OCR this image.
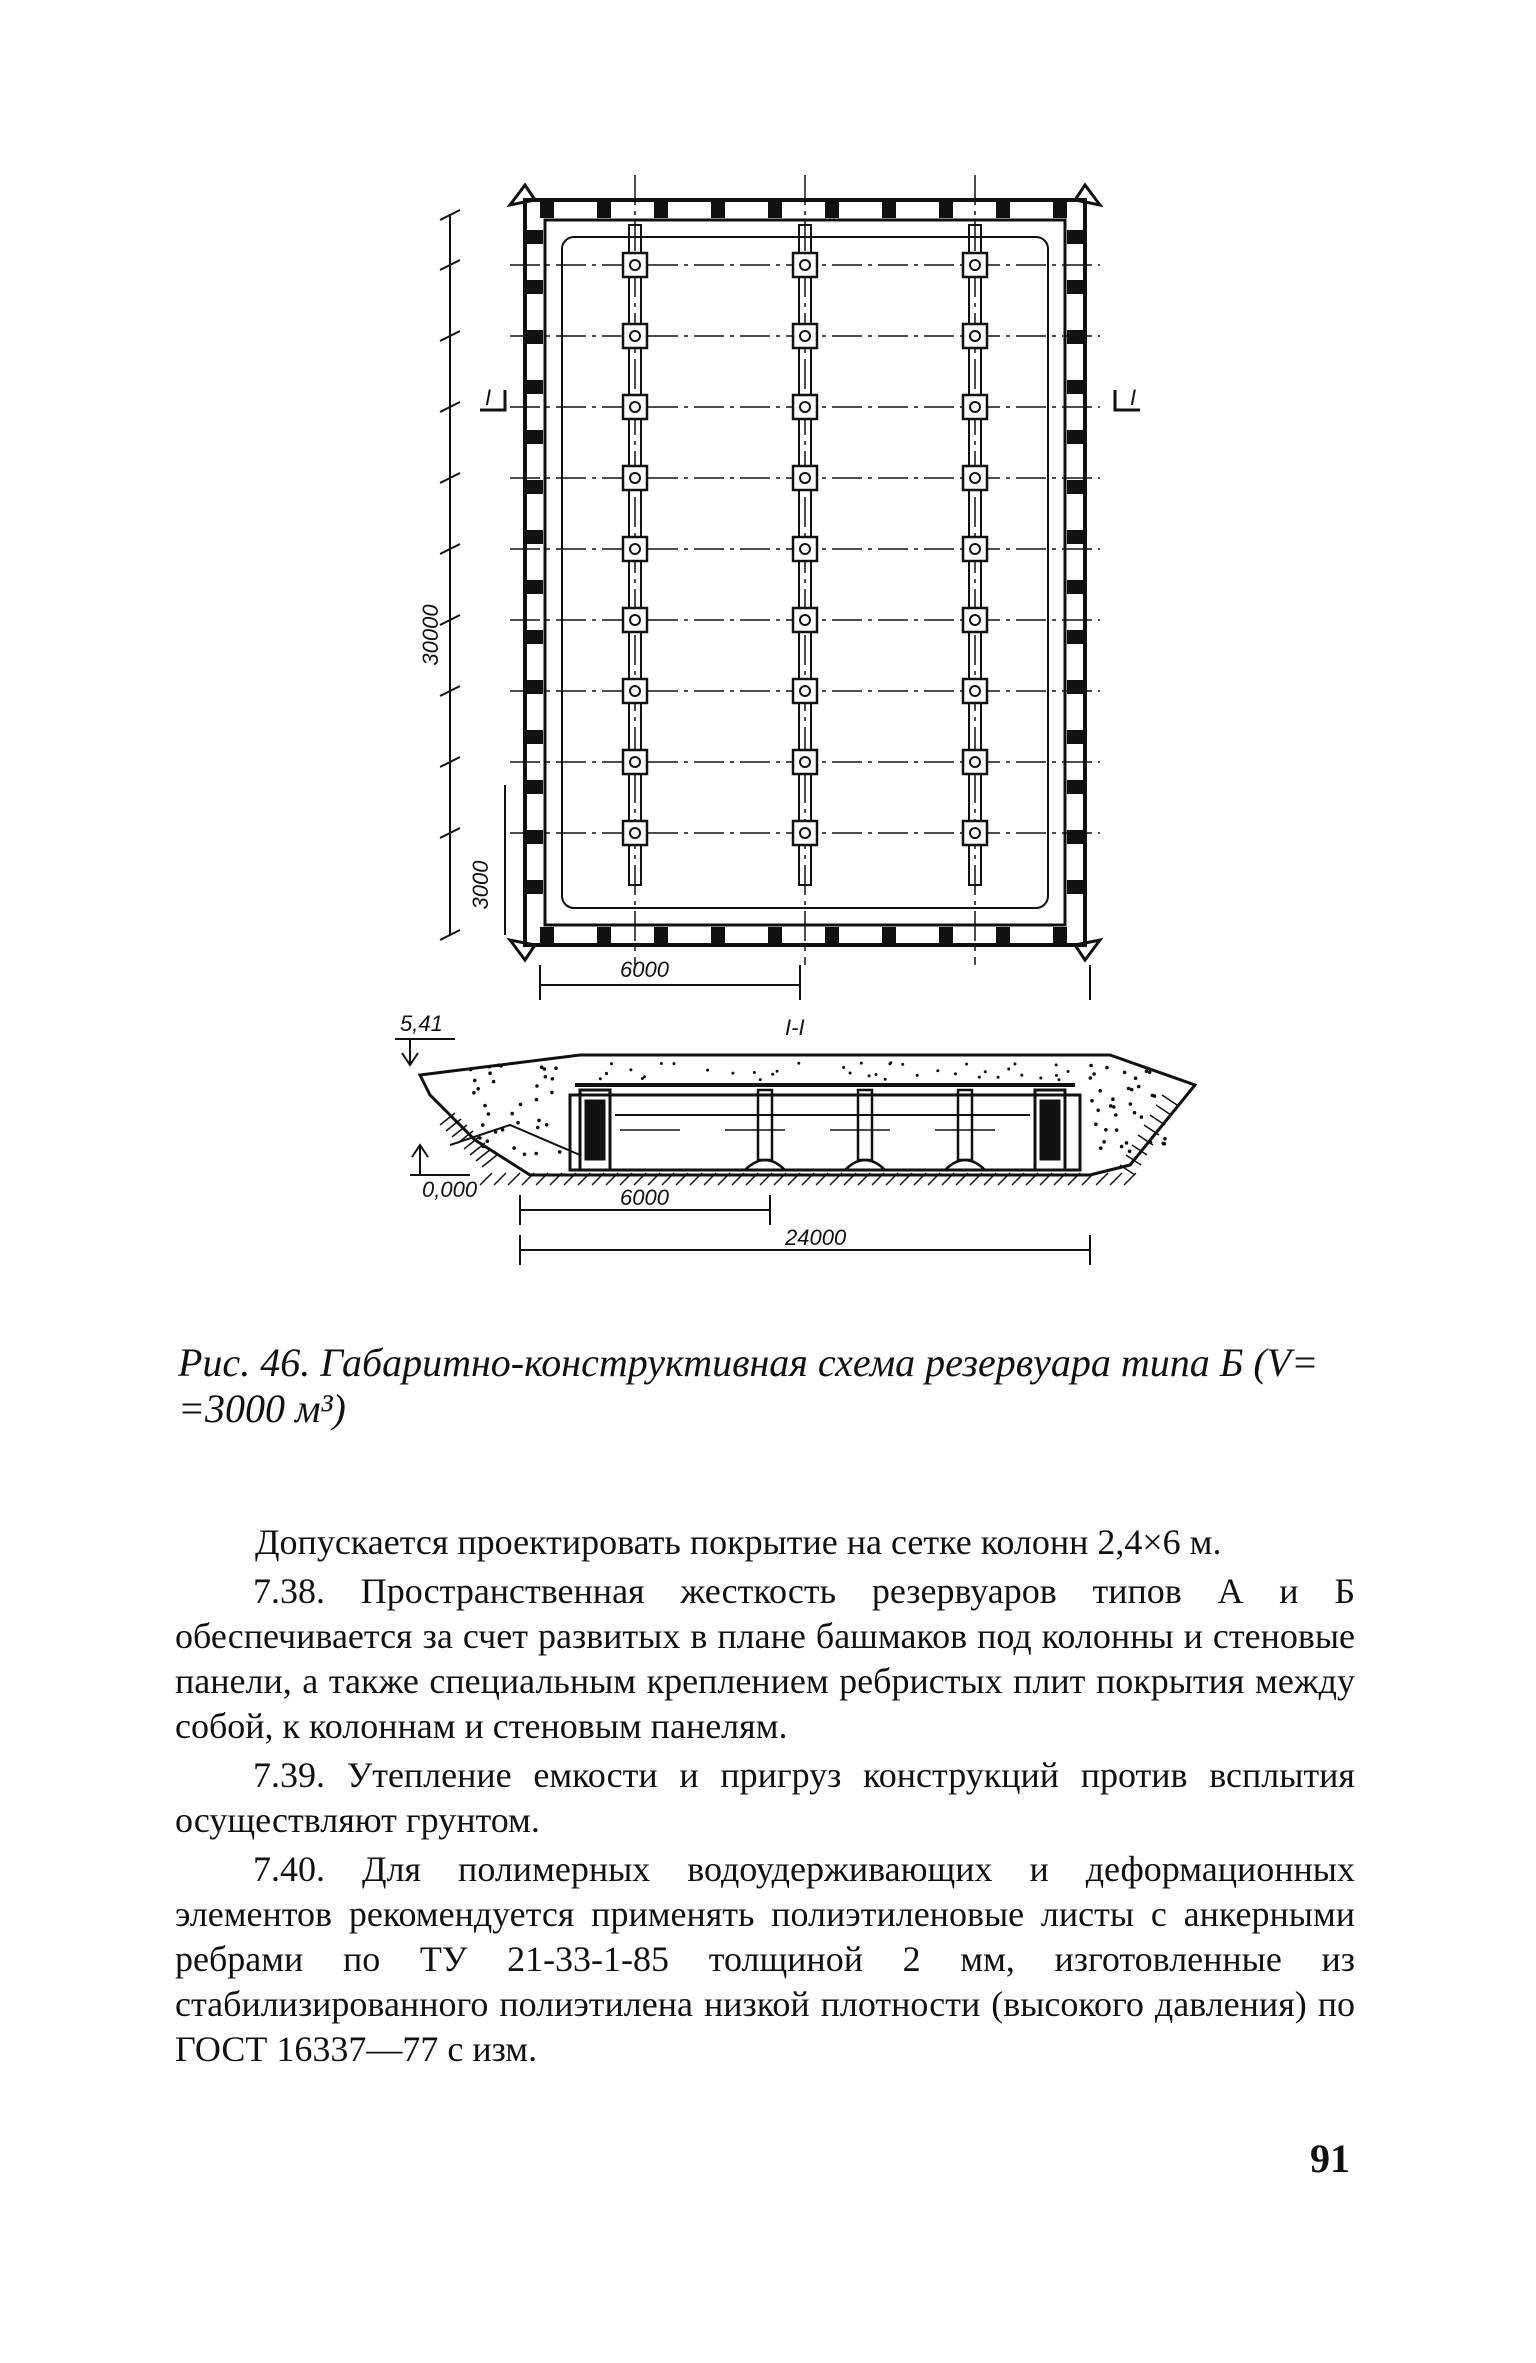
30000
3000
6000
I	I
I-I
5,41
0,000	6000
24000
Рис. 46. Габаритно-конструктивная схема резервуара типа Б (V=
=3000 м³)

Допускается проектировать покрытие на сетке колонн 2,4×6 м.

7.38. Пространственная жесткость резервуаров типов А и Б обеспечивается за счет развитых в плане башмаков под колонны и стеновые панели, а также специальным креплением ребристых плит покрытия между собой, к колоннам и стеновым панелям.

7.39. Утепление емкости и пригруз конструкций против всплытия осуществляют грунтом.

7.40. Для полимерных водоудерживающих и деформационных элементов рекомендуется применять полиэтиленовые листы с анкерными ребрами по ТУ 21-33-1-85 толщиной 2 мм, изготовленные из стабилизированного полиэтилена низкой плотности (высокого давления) по ГОСТ 16337—77 с изм.

91
